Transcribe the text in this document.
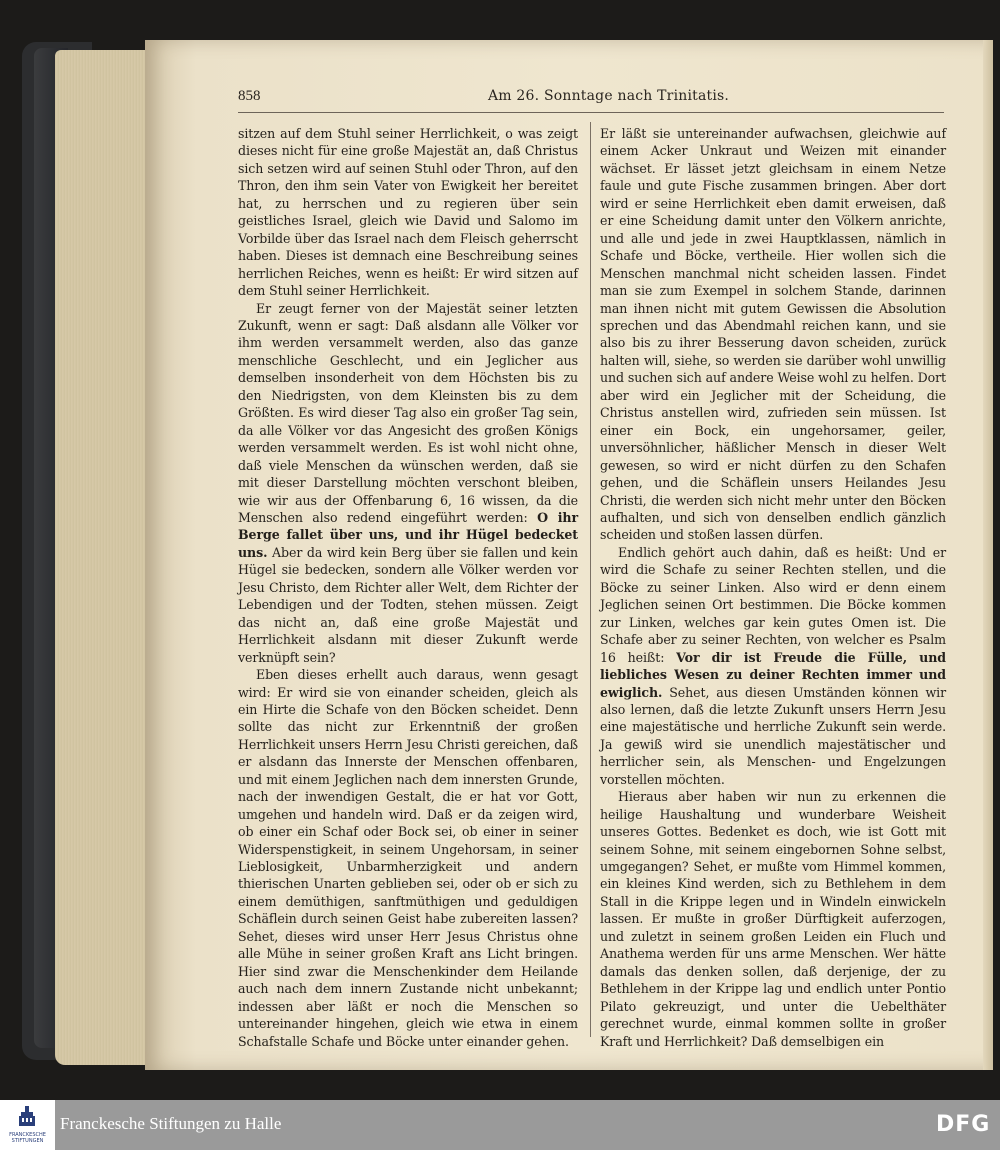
858	Am 26. Sonntage nach Trinitatis.

sitzen auf dem Stuhl seiner Herrlichkeit, o was zeigt dieses nicht für eine große Majestät an, daß Christus sich setzen wird auf seinen Stuhl oder Thron, auf den Thron, den ihm sein Vater von Ewigkeit her bereitet hat, zu herrschen und zu regieren über sein geistliches Israel, gleich wie David und Salomo im Vorbilde über das Israel nach dem Fleisch geherrscht haben. Dieses ist demnach eine Beschreibung seines herrlichen Reiches, wenn es heißt: Er wird sitzen auf dem Stuhl seiner Herrlichkeit.

Er zeugt ferner von der Majestät seiner letzten Zukunft, wenn er sagt: Daß alsdann alle Völker vor ihm werden versammelt werden, also das ganze menschliche Geschlecht, und ein Jeglicher aus demselben insonderheit von dem Höchsten bis zu den Niedrigsten, von dem Kleinsten bis zu dem Größten. Es wird dieser Tag also ein großer Tag sein, da alle Völker vor das Angesicht des großen Königs werden versammelt werden. Es ist wohl nicht ohne, daß viele Menschen da wünschen werden, daß sie mit dieser Darstellung möchten verschont bleiben, wie wir aus der Offenbarung 6, 16 wissen, da die Menschen also redend eingeführt werden: O ihr Berge fallet über uns, und ihr Hügel bedecket uns. Aber da wird kein Berg über sie fallen und kein Hügel sie bedecken, sondern alle Völker werden vor Jesu Christo, dem Richter aller Welt, dem Richter der Lebendigen und der Todten, stehen müssen. Zeigt das nicht an, daß eine große Majestät und Herrlichkeit alsdann mit dieser Zukunft werde verknüpft sein?

Eben dieses erhellt auch daraus, wenn gesagt wird: Er wird sie von einander scheiden, gleich als ein Hirte die Schafe von den Böcken scheidet. Denn sollte das nicht zur Erkenntniß der großen Herrlichkeit unsers Herrn Jesu Christi gereichen, daß er alsdann das Innerste der Menschen offenbaren, und mit einem Jeglichen nach dem innersten Grunde, nach der inwendigen Gestalt, die er hat vor Gott, umgehen und handeln wird. Daß er da zeigen wird, ob einer ein Schaf oder Bock sei, ob einer in seiner Widerspenstigkeit, in seinem Ungehorsam, in seiner Lieblosigkeit, Unbarmherzigkeit und andern thierischen Unarten geblieben sei, oder ob er sich zu einem demüthigen, sanftmüthigen und geduldigen Schäflein durch seinen Geist habe zubereiten lassen? Sehet, dieses wird unser Herr Jesus Christus ohne alle Mühe in seiner großen Kraft ans Licht bringen. Hier sind zwar die Menschenkinder dem Heilande auch nach dem innern Zustande nicht unbekannt; indessen aber läßt er noch die Menschen so untereinander hingehen, gleich wie etwa in einem Schafstalle Schafe und Böcke unter einander gehen.

Er läßt sie untereinander aufwachsen, gleichwie auf einem Acker Unkraut und Weizen mit einander wächset. Er lässet jetzt gleichsam in einem Netze faule und gute Fische zusammen bringen. Aber dort wird er seine Herrlichkeit eben damit erweisen, daß er eine Scheidung damit unter den Völkern anrichte, und alle und jede in zwei Hauptklassen, nämlich in Schafe und Böcke, vertheile. Hier wollen sich die Menschen manchmal nicht scheiden lassen. Findet man sie zum Exempel in solchem Stande, darinnen man ihnen nicht mit gutem Gewissen die Absolution sprechen und das Abendmahl reichen kann, und sie also bis zu ihrer Besserung davon scheiden, zurück halten will, siehe, so werden sie darüber wohl unwillig und suchen sich auf andere Weise wohl zu helfen. Dort aber wird ein Jeglicher mit der Scheidung, die Christus anstellen wird, zufrieden sein müssen. Ist einer ein Bock, ein ungehorsamer, geiler, unversöhnlicher, häßlicher Mensch in dieser Welt gewesen, so wird er nicht dürfen zu den Schafen gehen, und die Schäflein unsers Heilandes Jesu Christi, die werden sich nicht mehr unter den Böcken aufhalten, und sich von denselben endlich gänzlich scheiden und stoßen lassen dürfen.

Endlich gehört auch dahin, daß es heißt: Und er wird die Schafe zu seiner Rechten stellen, und die Böcke zu seiner Linken. Also wird er denn einem Jeglichen seinen Ort bestimmen. Die Böcke kommen zur Linken, welches gar kein gutes Omen ist. Die Schafe aber zu seiner Rechten, von welcher es Psalm 16 heißt: Vor dir ist Freude die Fülle, und liebliches Wesen zu deiner Rechten immer und ewiglich. Sehet, aus diesen Umständen können wir also lernen, daß die letzte Zukunft unsers Herrn Jesu eine majestätische und herrliche Zukunft sein werde. Ja gewiß wird sie unendlich majestätischer und herrlicher sein, als Menschen- und Engelzungen vorstellen möchten.

Hieraus aber haben wir nun zu erkennen die heilige Haushaltung und wunderbare Weisheit unseres Gottes. Bedenket es doch, wie ist Gott mit seinem Sohne, mit seinem eingebornen Sohne selbst, umgegangen? Sehet, er mußte vom Himmel kommen, ein kleines Kind werden, sich zu Bethlehem in dem Stall in die Krippe legen und in Windeln einwickeln lassen. Er mußte in großer Dürftigkeit auferzogen, und zuletzt in seinem großen Leiden ein Fluch und Anathema werden für uns arme Menschen. Wer hätte damals das denken sollen, daß derjenige, der zu Bethlehem in der Krippe lag und endlich unter Pontio Pilato gekreuzigt, und unter die Uebelthäter gerechnet wurde, einmal kommen sollte in großer Kraft und Herrlichkeit? Daß demselbigen ein

FRANCKESCHE STIFTUNGEN
Franckesche Stiftungen zu Halle	DFG
